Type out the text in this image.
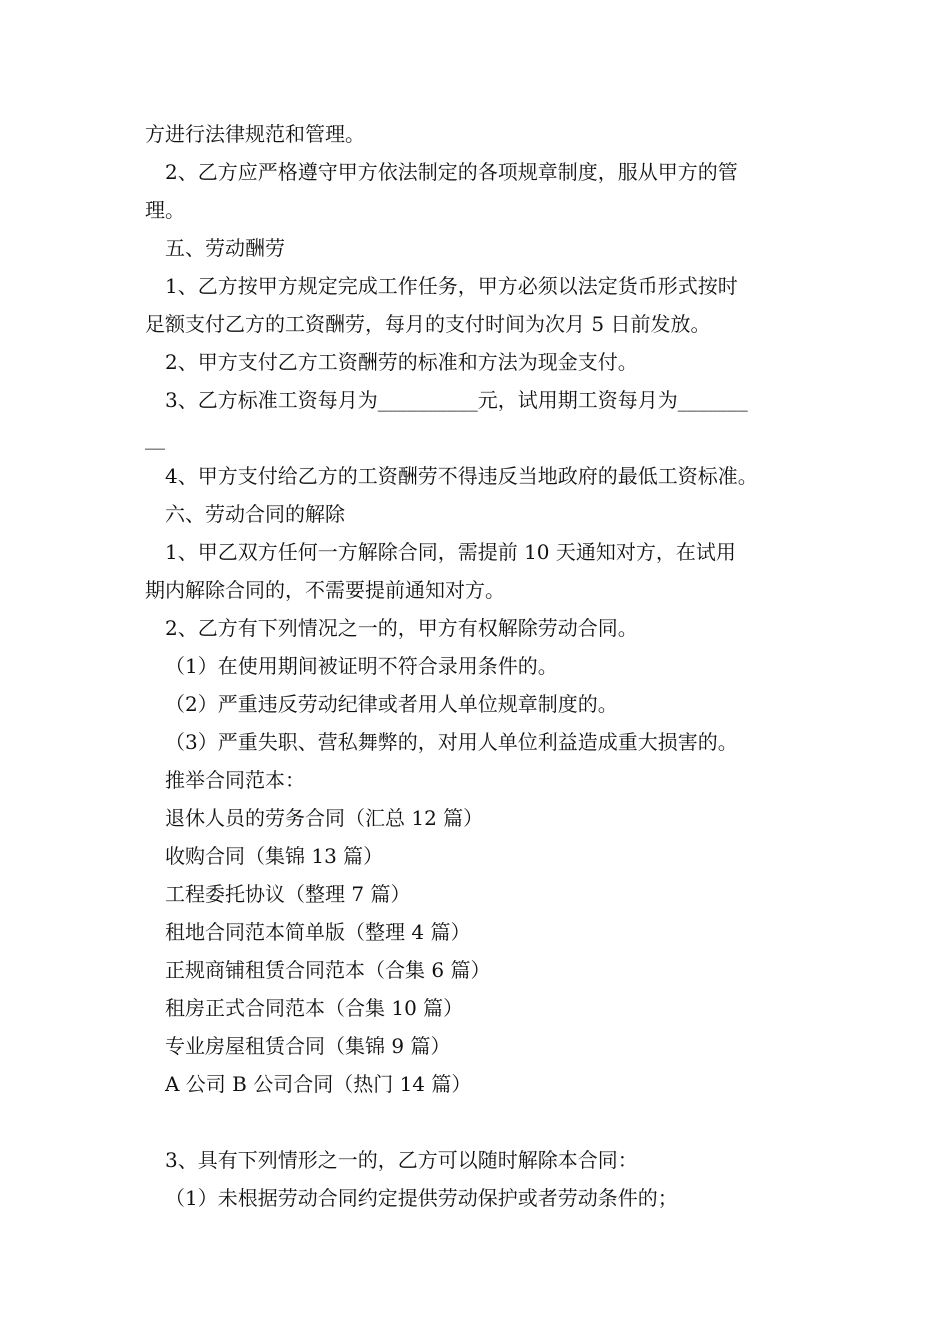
方进行法律规范和管理。
2、乙方应严格遵守甲方依法制定的各项规章制度，服从甲方的管
理。
五、劳动酬劳
1、乙方按甲方规定完成工作任务，甲方必须以法定货币形式按时
足额支付乙方的工资酬劳，每月的支付时间为次月 5 日前发放。
2、甲方支付乙方工资酬劳的标准和方法为现金支付。
3、乙方标准工资每月为__________元，试用期工资每月为_______
__
4、甲方支付给乙方的工资酬劳不得违反当地政府的最低工资标准。
六、劳动合同的解除
1、甲乙双方任何一方解除合同，需提前 10 天通知对方，在试用
期内解除合同的，不需要提前通知对方。
2、乙方有下列情况之一的，甲方有权解除劳动合同。
（1）在使用期间被证明不符合录用条件的。
（2）严重违反劳动纪律或者用人单位规章制度的。
（3）严重失职、营私舞弊的，对用人单位利益造成重大损害的。
推举合同范本：
退休人员的劳务合同（汇总 12 篇）
收购合同（集锦 13 篇）
工程委托协议（整理 7 篇）
租地合同范本简单版（整理 4 篇）
正规商铺租赁合同范本（合集 6 篇）
租房正式合同范本（合集 10 篇）
专业房屋租赁合同（集锦 9 篇）
A 公司 B 公司合同（热门 14 篇）
3、具有下列情形之一的，乙方可以随时解除本合同：
（1）未根据劳动合同约定提供劳动保护或者劳动条件的；
